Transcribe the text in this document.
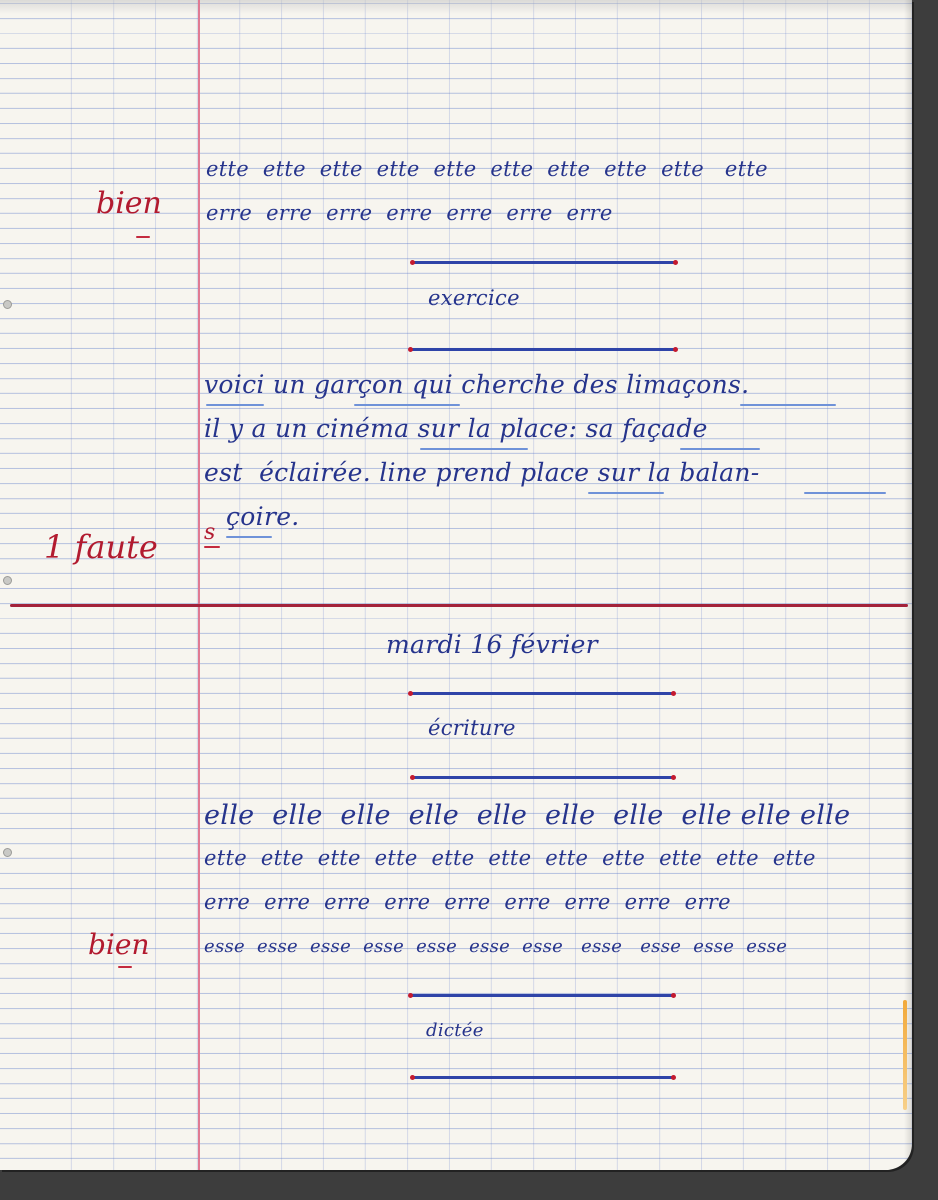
bien
ette  ette  ette  ette  ette  ette  ette  ette  ette   ette
erre  erre  erre  erre  erre  erre  erre
exercice
voici un garçon qui cherche des limaçons.
il y a un cinéma sur la place: sa façade
est  éclairée. line prend place sur la balan-
çoire.
1 faute s
mardi 16 février
écriture
bien
elle  elle  elle  elle  elle  elle  elle  elle elle elle
ette  ette  ette  ette  ette  ette  ette  ette  ette  ette  ette
erre  erre  erre  erre  erre  erre  erre  erre  erre
esse  esse  esse  esse  esse  esse  esse   esse   esse  esse  esse
dictée
